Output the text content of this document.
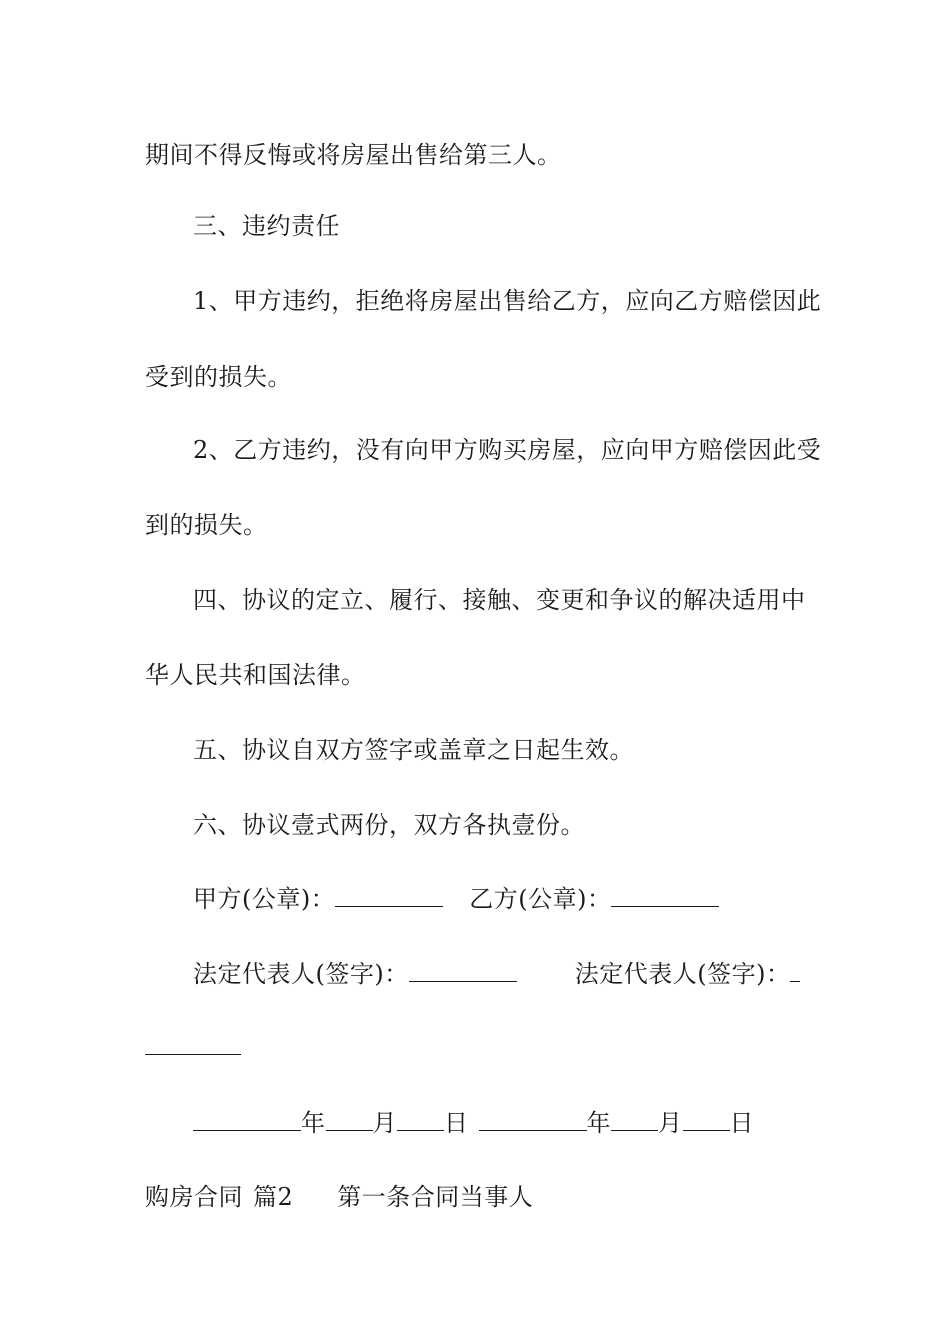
期间不得反悔或将房屋出售给第三人。
三、违约责任
1、甲方违约，拒绝将房屋出售给乙方，应向乙方赔偿因此
受到的损失。
2、乙方违约，没有向甲方购买房屋，应向甲方赔偿因此受
到的损失。
四、协议的定立、履行、接触、变更和争议的解决适用中
华人民共和国法律。
五、协议自双方签字或盖章之日起生效。
六、协议壹式两份，双方各执壹份。
甲方(公章)：	乙方(公章)：
法定代表人(签字)：	法定代表人(签字)：
年 月 日	年 月 日
购房合同 篇2 第一条合同当事人
